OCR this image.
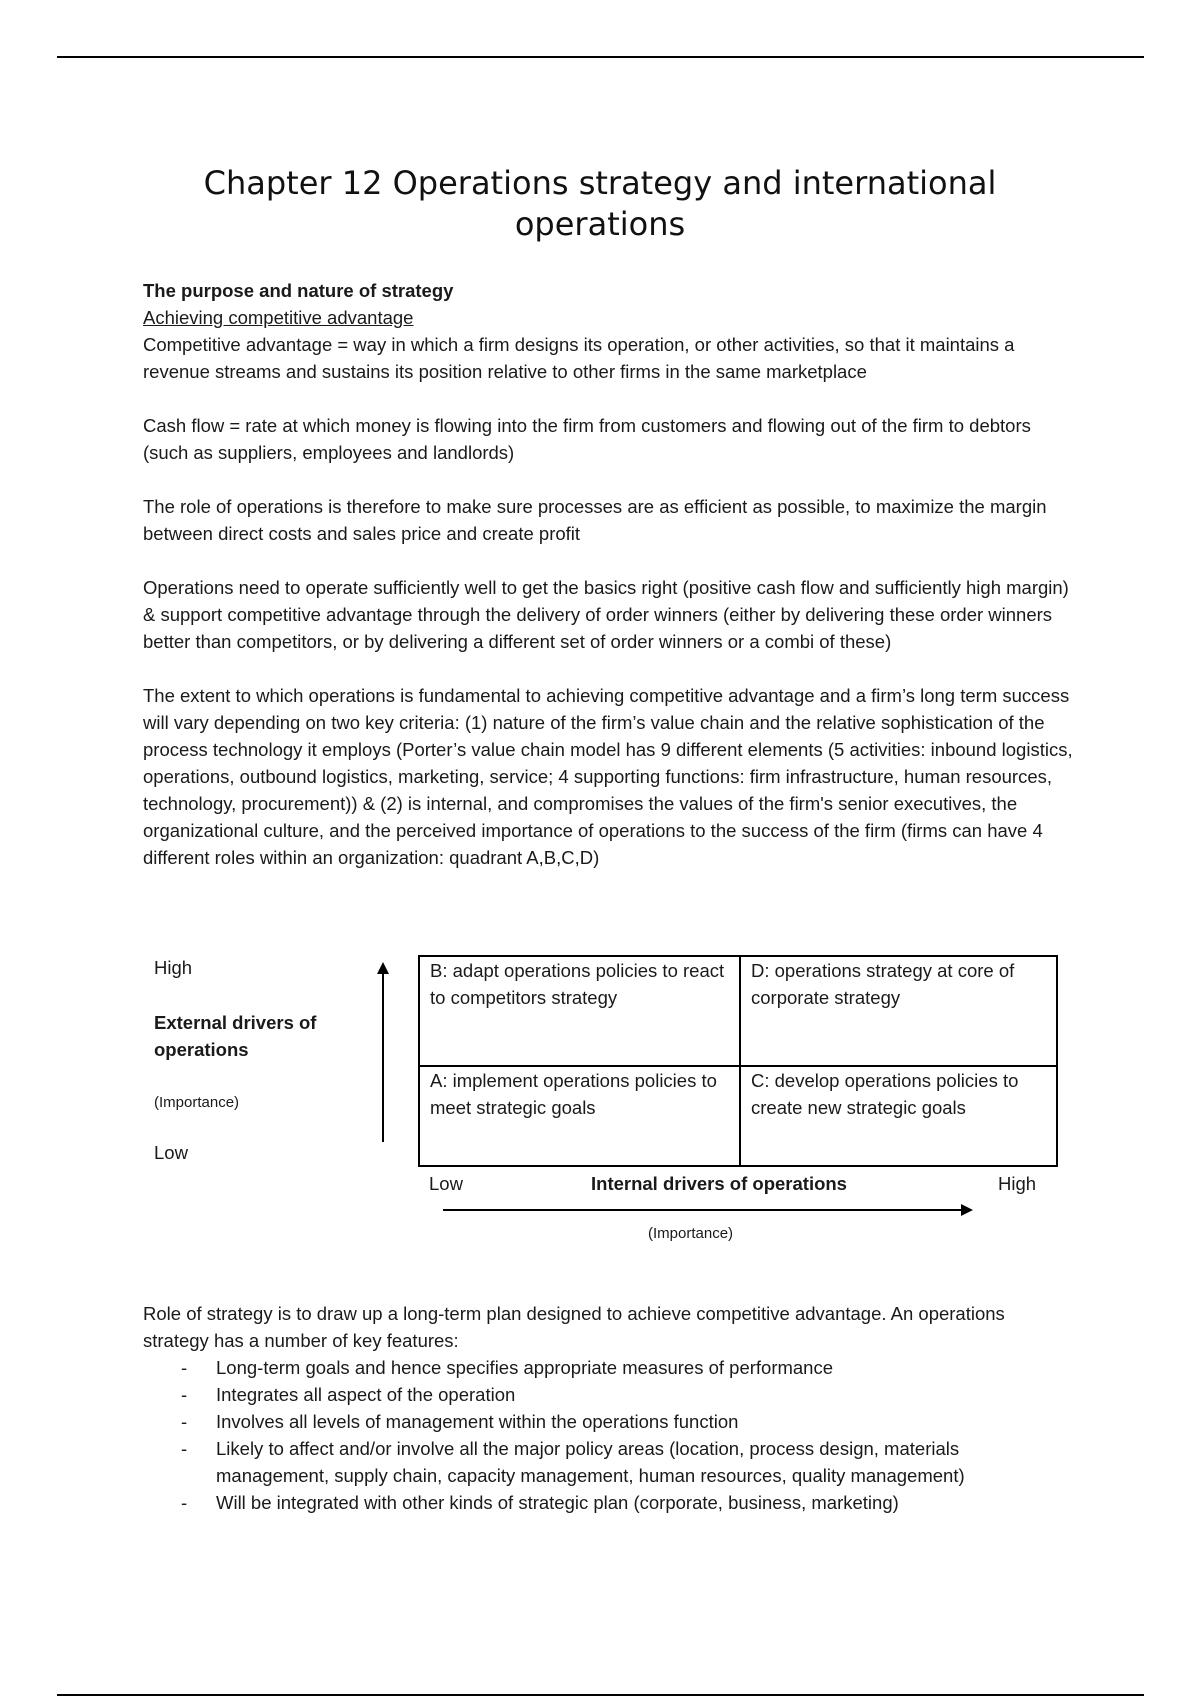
Chapter 12 Operations strategy and international operations
The purpose and nature of strategy
Achieving competitive advantage

Competitive advantage = way in which a firm designs its operation, or other activities, so that it maintains a revenue streams and sustains its position relative to other firms in the same marketplace

Cash flow = rate at which money is flowing into the firm from customers and flowing out of the firm to debtors (such as suppliers, employees and landlords)

The role of operations is therefore to make sure processes are as efficient as possible, to maximize the margin between direct costs and sales price and create profit

Operations need to operate sufficiently well to get the basics right (positive cash flow and sufficiently high margin) & support competitive advantage through the delivery of order winners (either by delivering these order winners better than competitors, or by delivering a different set of order winners or a combi of these)

The extent to which operations is fundamental to achieving competitive advantage and a firm’s long term success will vary depending on two key criteria: (1) nature of the firm’s value chain and the relative sophistication of the process technology it employs (Porter’s value chain model has 9 different elements (5 activities: inbound logistics, operations, outbound logistics, marketing, service; 4 supporting functions: firm infrastructure, human resources, technology, procurement)) & (2) is internal, and compromises the values of the firm's senior executives, the organizational culture, and the perceived importance of operations to the success of the firm (firms can have 4 different roles within an organization: quadrant A,B,C,D)

High
External drivers of operations
(Importance)
Low
B: adapt operations policies to react to competitors strategy
D: operations strategy at core of corporate strategy
A: implement operations policies to meet strategic goals
C: develop operations policies to create new strategic goals
Low	Internal drivers of operations	High
(Importance)

Role of strategy is to draw up a long-term plan designed to achieve competitive advantage. An operations strategy has a number of key features:

- Long-term goals and hence specifies appropriate measures of performance
- Integrates all aspect of the operation
- Involves all levels of management within the operations function
- Likely to affect and/or involve all the major policy areas (location, process design, materials management, supply chain, capacity management, human resources, quality management)
- Will be integrated with other kinds of strategic plan (corporate, business, marketing)
